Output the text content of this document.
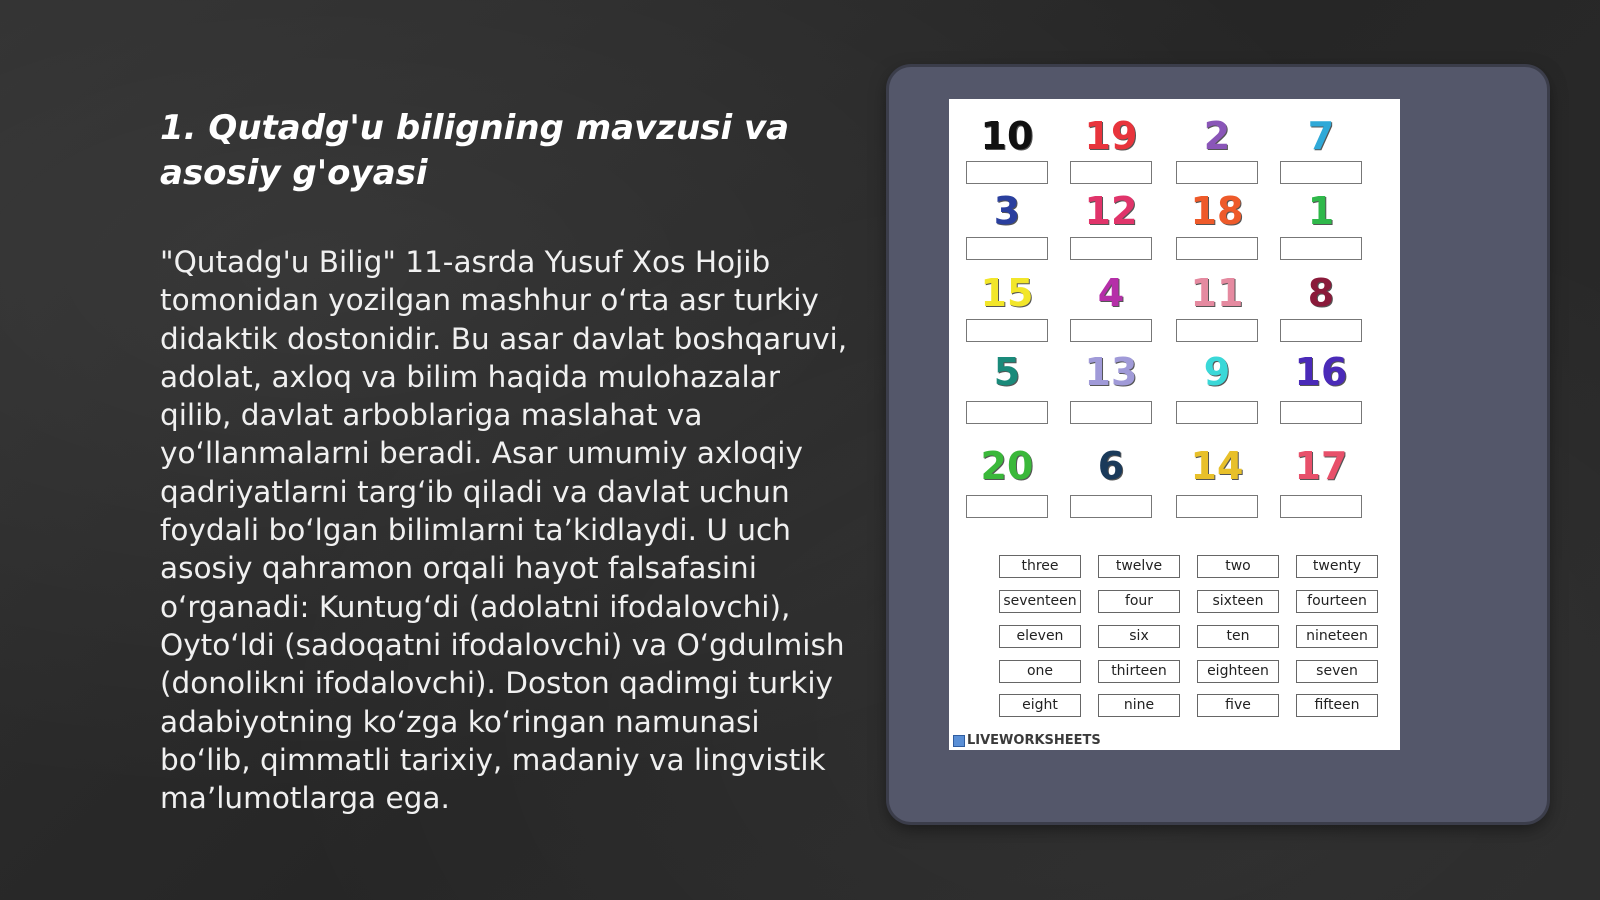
1. Qutadg'u biligning mavzusi va asosiy g'oyasi

"Qutadg'u Bilig" 11-asrda Yusuf Xos Hojib tomonidan yozilgan mashhur o‘rta asr turkiy didaktik dostonidir. Bu asar davlat boshqaruvi, adolat, axloq va bilim haqida mulohazalar qilib, davlat arboblariga maslahat va yo‘llanmalarni beradi. Asar umumiy axloqiy qadriyatlarni targ‘ib qiladi va davlat uchun foydali bo‘lgan bilimlarni ta’kidlaydi. U uch asosiy qahramon orqali hayot falsafasini o‘rganadi: Kuntug‘di (adolatni ifodalovchi), Oyto‘ldi (sadoqatni ifodalovchi) va O‘gdulmish (donolikni ifodalovchi). Doston qadimgi turkiy adabiyotning ko‘zga ko‘ringan namunasi bo‘lib, qimmatli tarixiy, madaniy va lingvistik ma’lumotlarga ega.

LIVEWORKSHEETS
10	19	2	7
3	12	18	1
15	4	11	8
5	13	9	16
20	6	14	17
three	twelve	two	twenty
seventeen	four	sixteen	fourteen
eleven	six	ten	nineteen
one	thirteen	eighteen	seven
eight	nine	five	fifteen
